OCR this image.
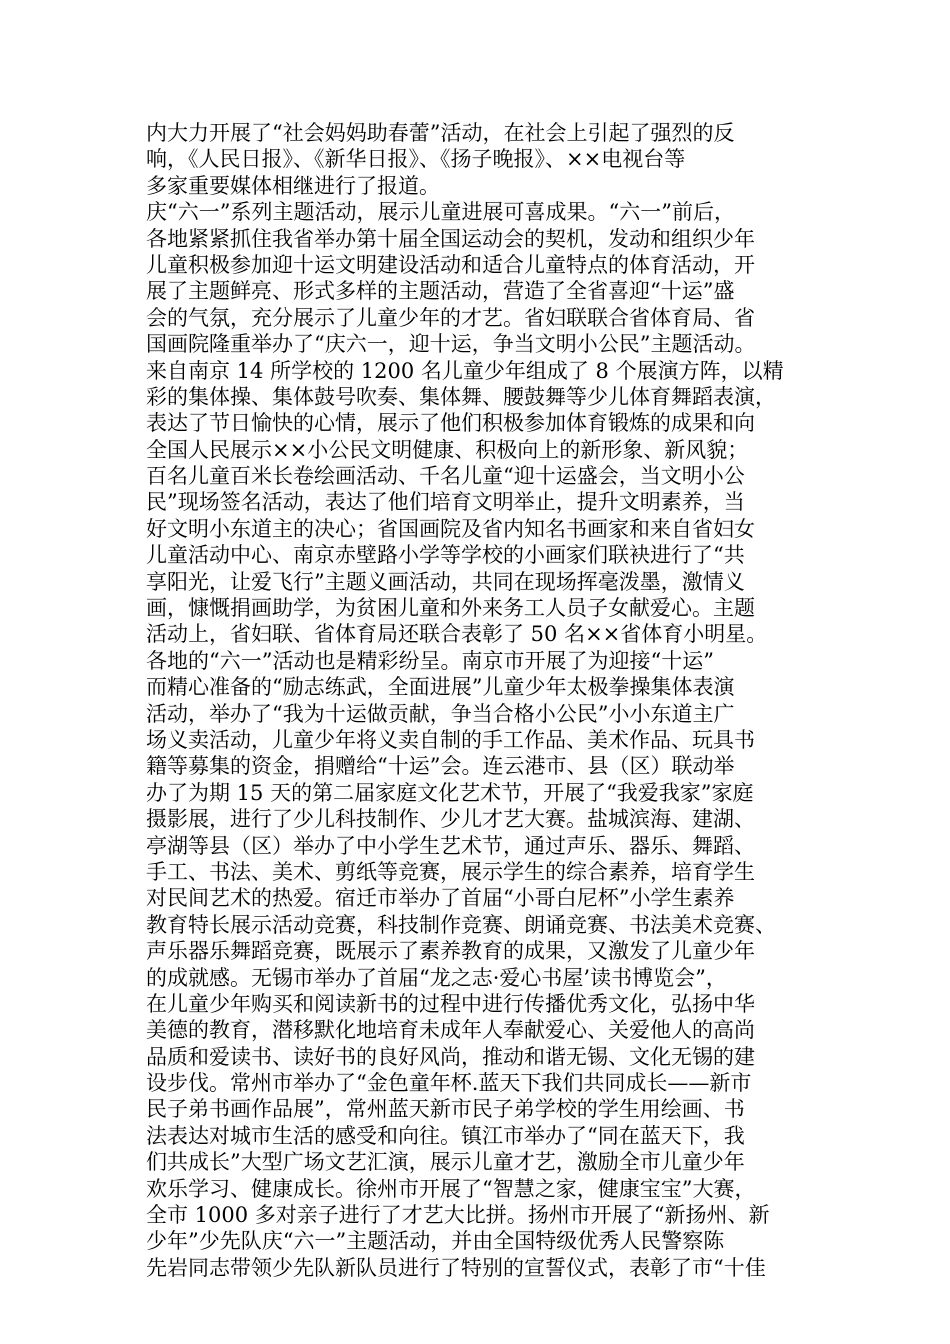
内大力开展了“社会妈妈助春蕾”活动，在社会上引起了强烈的反
响，《人民日报》、《新华日报》、《扬子晚报》、××电视台等
多家重要媒体相继进行了报道。
庆“六一”系列主题活动，展示儿童进展可喜成果。“六一”前后，
各地紧紧抓住我省举办第十届全国运动会的契机，发动和组织少年
儿童积极参加迎十运文明建设活动和适合儿童特点的体育活动，开
展了主题鲜亮、形式多样的主题活动，营造了全省喜迎“十运”盛
会的气氛，充分展示了儿童少年的才艺。省妇联联合省体育局、省
国画院隆重举办了“庆六一，迎十运，争当文明小公民”主题活动。
来自南京 14 所学校的 1200 名儿童少年组成了 8 个展演方阵，以精
彩的集体操、集体鼓号吹奏、集体舞、腰鼓舞等少儿体育舞蹈表演，
表达了节日愉快的心情，展示了他们积极参加体育锻炼的成果和向
全国人民展示××小公民文明健康、积极向上的新形象、新风貌；
百名儿童百米长卷绘画活动、千名儿童“迎十运盛会，当文明小公
民”现场签名活动，表达了他们培育文明举止，提升文明素养，当
好文明小东道主的决心；省国画院及省内知名书画家和来自省妇女
儿童活动中心、南京赤壁路小学等学校的小画家们联袂进行了“共
享阳光，让爱飞行”主题义画活动，共同在现场挥毫泼墨，激情义
画，慷慨捐画助学，为贫困儿童和外来务工人员子女献爱心。主题
活动上，省妇联、省体育局还联合表彰了 50 名××省体育小明星。
各地的“六一”活动也是精彩纷呈。南京市开展了为迎接“十运”
而精心准备的“励志练武，全面进展”儿童少年太极拳操集体表演
活动，举办了“我为十运做贡献，争当合格小公民”小小东道主广
场义卖活动，儿童少年将义卖自制的手工作品、美术作品、玩具书
籍等募集的资金，捐赠给“十运”会。连云港市、县（区）联动举
办了为期 15 天的第二届家庭文化艺术节，开展了“我爱我家”家庭
摄影展，进行了少儿科技制作、少儿才艺大赛。盐城滨海、建湖、
亭湖等县（区）举办了中小学生艺术节，通过声乐、器乐、舞蹈、
手工、书法、美术、剪纸等竞赛，展示学生的综合素养，培育学生
对民间艺术的热爱。宿迁市举办了首届“小哥白尼杯”小学生素养
教育特长展示活动竞赛，科技制作竞赛、朗诵竞赛、书法美术竞赛、
声乐器乐舞蹈竞赛，既展示了素养教育的成果，又激发了儿童少年
的成就感。无锡市举办了首届“龙之志·爱心书屋’读书博览会”，
在儿童少年购买和阅读新书的过程中进行传播优秀文化，弘扬中华
美德的教育，潜移默化地培育未成年人奉献爱心、关爱他人的高尚
品质和爱读书、读好书的良好风尚，推动和谐无锡、文化无锡的建
设步伐。常州市举办了“金色童年杯.蓝天下我们共同成长——新市
民子弟书画作品展”，常州蓝天新市民子弟学校的学生用绘画、书
法表达对城市生活的感受和向往。镇江市举办了“同在蓝天下，我
们共成长”大型广场文艺汇演，展示儿童才艺，激励全市儿童少年
欢乐学习、健康成长。徐州市开展了“智慧之家，健康宝宝”大赛，
全市 1000 多对亲子进行了才艺大比拼。扬州市开展了“新扬州、新
少年”少先队庆“六一”主题活动，并由全国特级优秀人民警察陈
先岩同志带领少先队新队员进行了特别的宣誓仪式，表彰了市“十佳
